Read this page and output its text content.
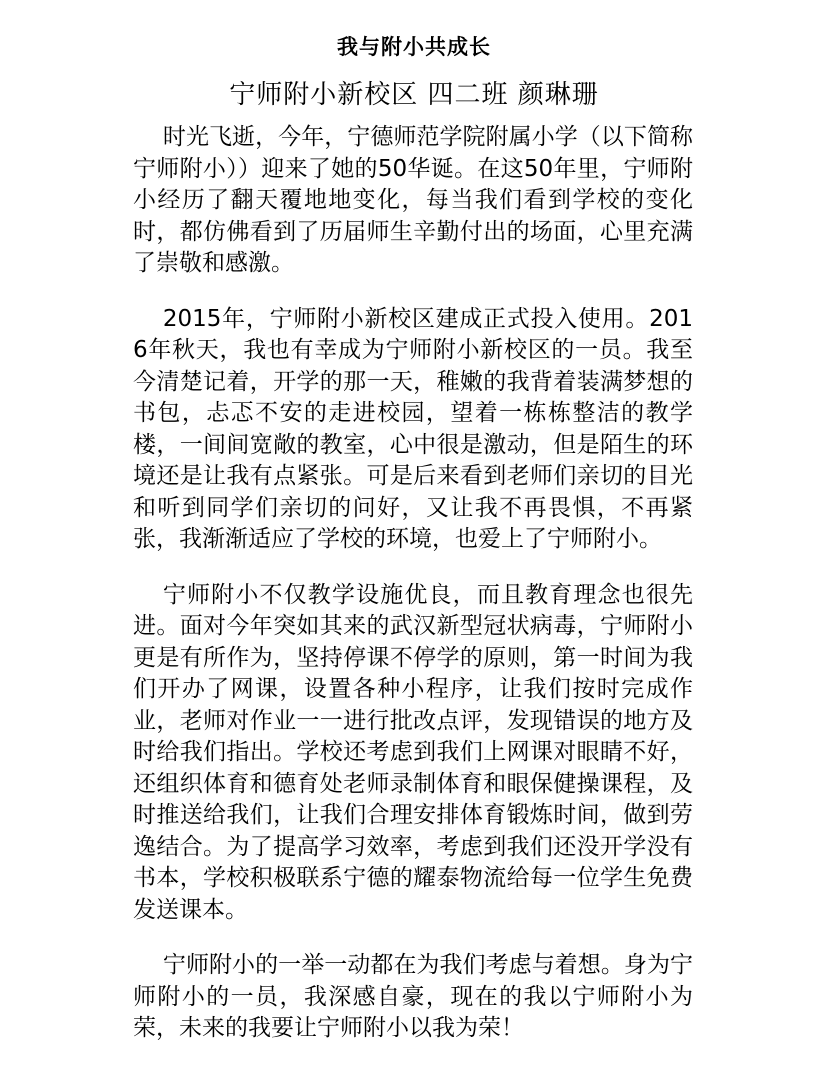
我与附小共成长
宁师附小新校区 四二班 颜琳珊

时光飞逝，今年，宁德师范学院附属小学（以下简称宁师附小））迎来了她的50华诞。在这50年里，宁师附小经历了翻天覆地地变化，每当我们看到学校的变化时，都仿佛看到了历届师生辛勤付出的场面，心里充满了崇敬和感激。

2015年，宁师附小新校区建成正式投入使用。2016年秋天，我也有幸成为宁师附小新校区的一员。我至今清楚记着，开学的那一天，稚嫩的我背着装满梦想的书包，忐忑不安的走进校园，望着一栋栋整洁的教学楼，一间间宽敞的教室，心中很是激动，但是陌生的环境还是让我有点紧张。可是后来看到老师们亲切的目光和听到同学们亲切的问好，又让我不再畏惧，不再紧张，我渐渐适应了学校的环境，也爱上了宁师附小。

宁师附小不仅教学设施优良，而且教育理念也很先进。面对今年突如其来的武汉新型冠状病毒，宁师附小更是有所作为，坚持停课不停学的原则，第一时间为我们开办了网课，设置各种小程序，让我们按时完成作业，老师对作业一一进行批改点评，发现错误的地方及时给我们指出。学校还考虑到我们上网课对眼睛不好，还组织体育和德育处老师录制体育和眼保健操课程，及时推送给我们，让我们合理安排体育锻炼时间，做到劳逸结合。为了提高学习效率，考虑到我们还没开学没有书本，学校积极联系宁德的耀泰物流给每一位学生免费发送课本。

宁师附小的一举一动都在为我们考虑与着想。身为宁师附小的一员，我深感自豪，现在的我以宁师附小为荣，未来的我要让宁师附小以我为荣！
